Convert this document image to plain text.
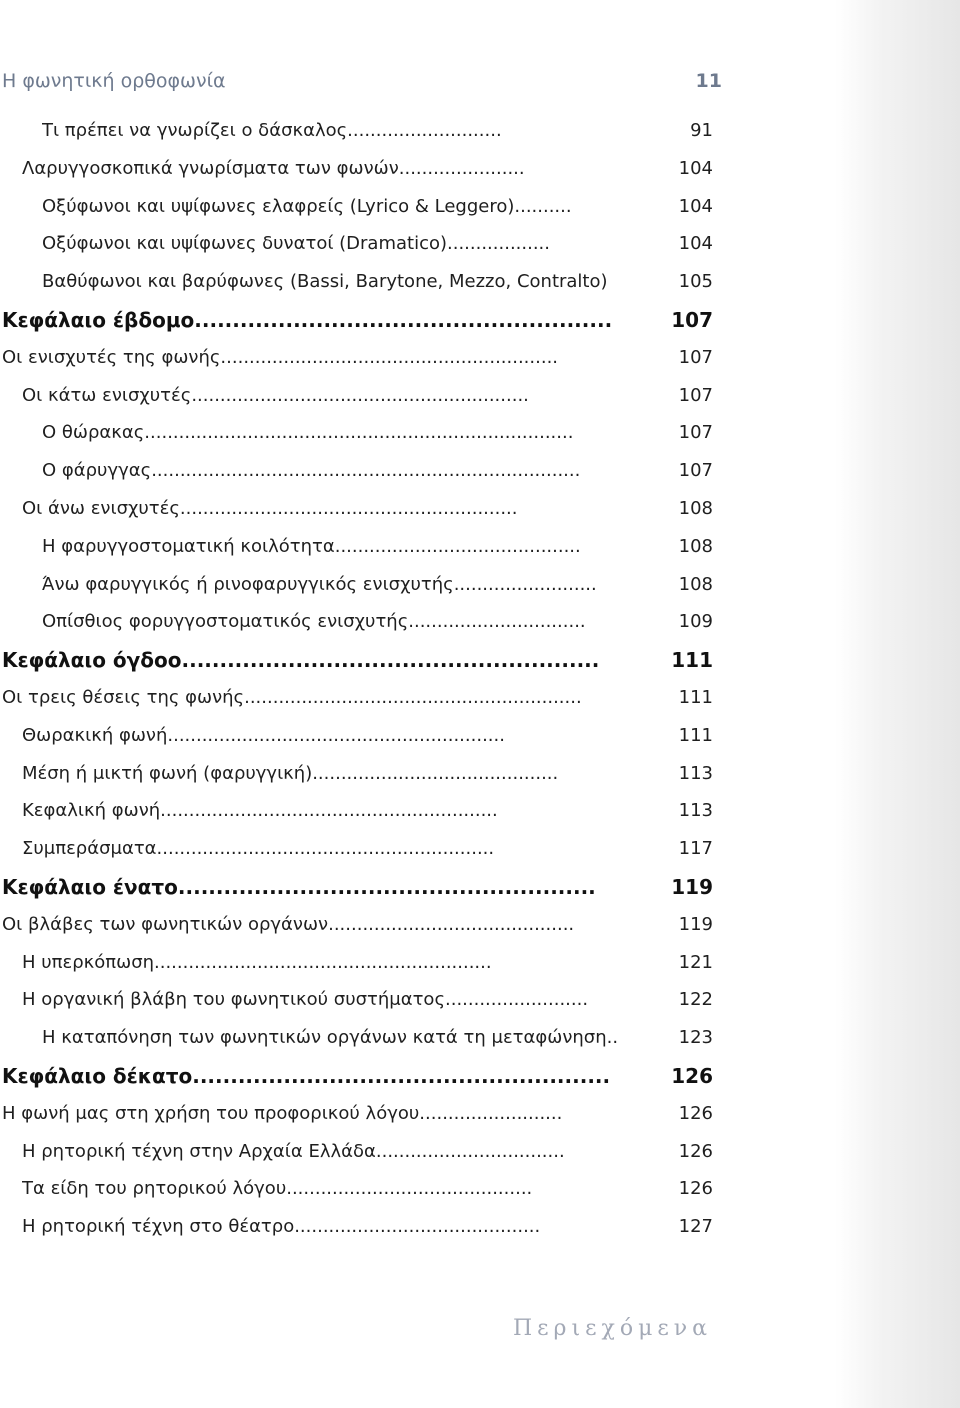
Η φωνητική ορθοφωνία	11
Τι πρέπει να γνωρίζει ο δάσκαλος...........................	91
Λαρυγγοσκοπικά γνωρίσματα των φωνών......................	104
Οξύφωνοι και υψίφωνες ελαφρείς (Lyrico & Leggero)..........	104
Οξύφωνοι και υψίφωνες δυνατοί (Dramatico)..................	104
Βαθύφωνοι και βαρύφωνες (Bassi, Barytone, Mezzo, Contralto)	105
Κεφάλαιο έβδομο.......................................................	107
Οι ενισχυτές της φωνής...........................................................	107
Οι κάτω ενισχυτές...........................................................	107
Ο θώρακας...........................................................................	107
Ο φάρυγγας...........................................................................	107
Οι άνω ενισχυτές...........................................................	108
Η φαρυγγοστοματική κοιλότητα...........................................	108
Άνω φαρυγγικός ή ρινοφαρυγγικός ενισχυτής.........................	108
Οπίσθιος φορυγγοστοματικός ενισχυτής...............................	109
Κεφάλαιο όγδοο.......................................................	111
Οι τρεις θέσεις της φωνής...........................................................	111
Θωρακική φωνή...........................................................	111
Μέση ή μικτή φωνή (φαρυγγική)...........................................	113
Κεφαλική φωνή...........................................................	113
Συμπεράσματα...........................................................	117
Κεφάλαιο ένατο.......................................................	119
Οι βλάβες των φωνητικών οργάνων...........................................	119
Η υπερκόπωση...........................................................	121
Η οργανική βλάβη του φωνητικού συστήματος.........................	122
Η καταπόνηση των φωνητικών οργάνων κατά τη μεταφώνηση..	123
Κεφάλαιο δέκατο.......................................................	126
Η φωνή μας στη χρήση του προφορικού λόγου.........................	126
Η ρητορική τέχνη στην Αρχαία Ελλάδα.................................	126
Τα είδη του ρητορικού λόγου...........................................	126
Η ρητορική τέχνη στο θέατρο...........................................	127
Περιεχόμενα
